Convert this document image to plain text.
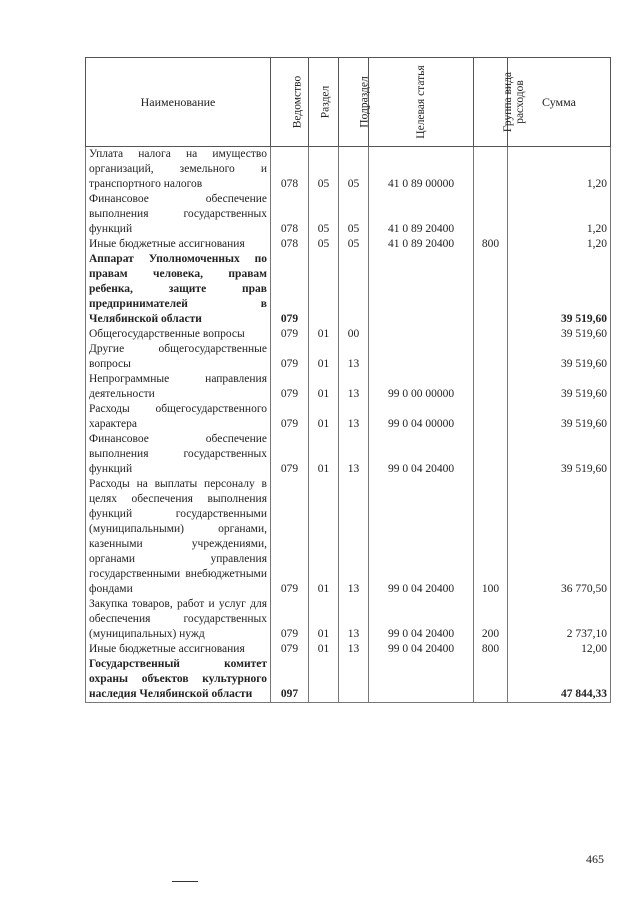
Наименование	Ведомство	Раздел	Подраздел	Целевая статья	Группа вида расходов	Сумма
Уплата налога на имущество организаций, земельного и транспортного налогов	078	05	05	41 0 89 00000		1,20
Финансовое обеспечение выполнения государственных функций	078	05	05	41 0 89 20400		1,20
Иные бюджетные ассигнования	078	05	05	41 0 89 20400	800	1,20
Аппарат Уполномоченных по правам человека, правам ребенка, защите прав предпринимателей в Челябинской области	079					39 519,60
Общегосударственные вопросы	079	01	00			39 519,60
Другие общегосударственные вопросы	079	01	13			39 519,60
Непрограммные направления деятельности	079	01	13	99 0 00 00000		39 519,60
Расходы общегосударственного характера	079	01	13	99 0 04 00000		39 519,60
Финансовое обеспечение выполнения государственных функций	079	01	13	99 0 04 20400		39 519,60
Расходы на выплаты персоналу в целях обеспечения выполнения функций государственными (муниципальными) органами, казенными учреждениями, органами управления государственными внебюджетными фондами	079	01	13	99 0 04 20400	100	36 770,50
Закупка товаров, работ и услуг для обеспечения государственных (муниципальных) нужд	079	01	13	99 0 04 20400	200	2 737,10
Иные бюджетные ассигнования	079	01	13	99 0 04 20400	800	12,00
Государственный комитет охраны объектов культурного наследия Челябинской области	097					47 844,33
465
